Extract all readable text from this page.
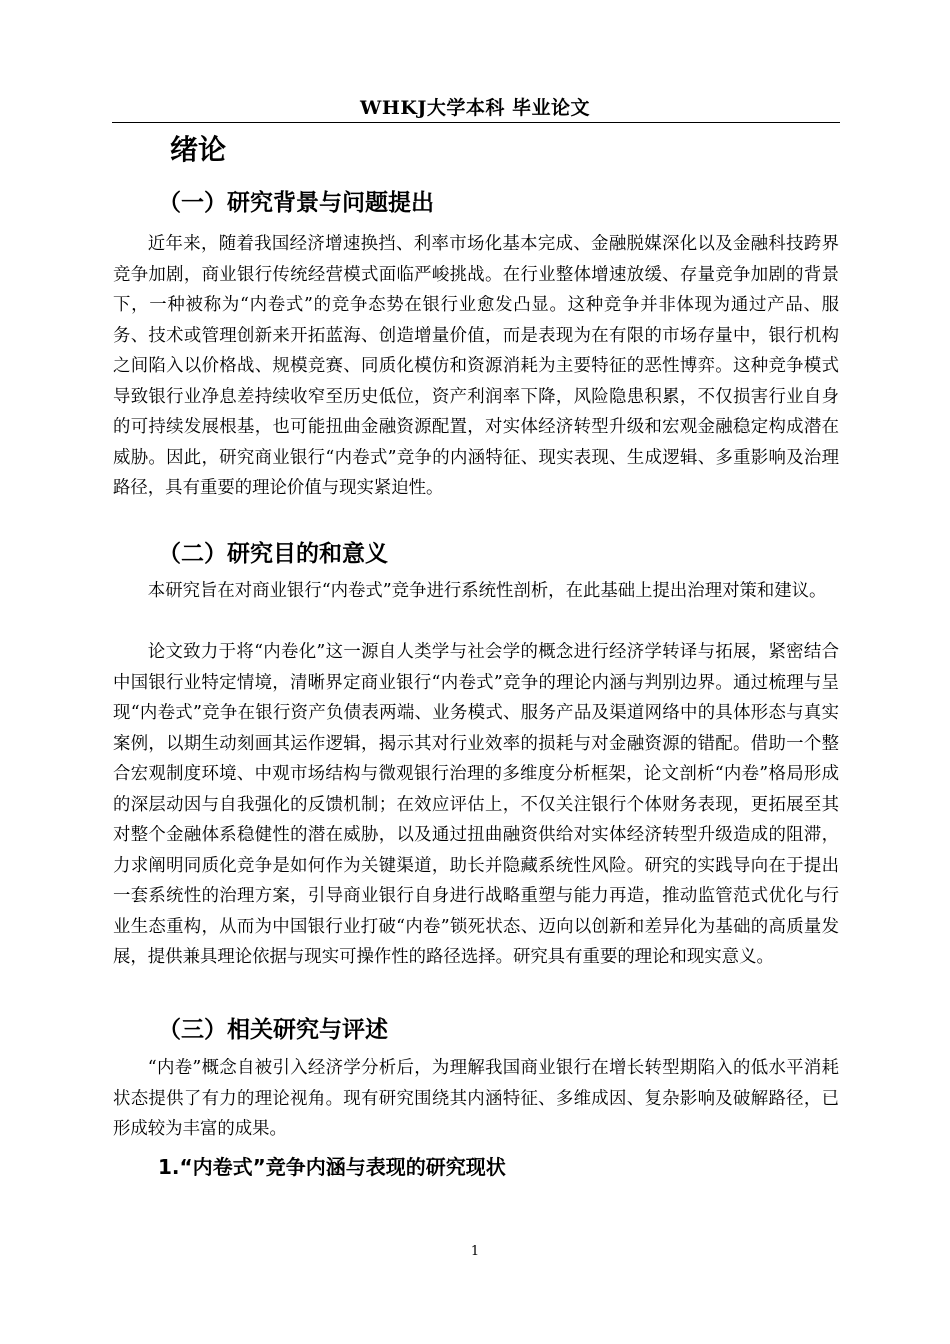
WHKJ大学本科 毕业论文
绪论
（一）研究背景与问题提出

近年来，随着我国经济增速换挡、利率市场化基本完成、金融脱媒深化以及金融科技跨界竞争加剧，商业银行传统经营模式面临严峻挑战。在行业整体增速放缓、存量竞争加剧的背景下，一种被称为“内卷式”的竞争态势在银行业愈发凸显。这种竞争并非体现为通过产品、服务、技术或管理创新来开拓蓝海、创造增量价值，而是表现为在有限的市场存量中，银行机构之间陷入以价格战、规模竞赛、同质化模仿和资源消耗为主要特征的恶性博弈。这种竞争模式导致银行业净息差持续收窄至历史低位，资产利润率下降，风险隐患积累，不仅损害行业自身的可持续发展根基，也可能扭曲金融资源配置，对实体经济转型升级和宏观金融稳定构成潜在威胁。因此，研究商业银行“内卷式”竞争的内涵特征、现实表现、生成逻辑、多重影响及治理路径，具有重要的理论价值与现实紧迫性。

（二）研究目的和意义

本研究旨在对商业银行“内卷式”竞争进行系统性剖析，在此基础上提出治理对策和建议。

论文致力于将“内卷化”这一源自人类学与社会学的概念进行经济学转译与拓展，紧密结合中国银行业特定情境，清晰界定商业银行“内卷式”竞争的理论内涵与判别边界。通过梳理与呈现“内卷式”竞争在银行资产负债表两端、业务模式、服务产品及渠道网络中的具体形态与真实案例，以期生动刻画其运作逻辑，揭示其对行业效率的损耗与对金融资源的错配。借助一个整合宏观制度环境、中观市场结构与微观银行治理的多维度分析框架，论文剖析“内卷”格局形成的深层动因与自我强化的反馈机制；在效应评估上，不仅关注银行个体财务表现，更拓展至其对整个金融体系稳健性的潜在威胁，以及通过扭曲融资供给对实体经济转型升级造成的阻滞，力求阐明同质化竞争是如何作为关键渠道，助长并隐藏系统性风险。研究的实践导向在于提出一套系统性的治理方案，引导商业银行自身进行战略重塑与能力再造，推动监管范式优化与行业生态重构，从而为中国银行业打破“内卷”锁死状态、迈向以创新和差异化为基础的高质量发展，提供兼具理论依据与现实可操作性的路径选择。研究具有重要的理论和现实意义。

（三）相关研究与评述

“内卷”概念自被引入经济学分析后，为理解我国商业银行在增长转型期陷入的低水平消耗状态提供了有力的理论视角。现有研究围绕其内涵特征、多维成因、复杂影响及破解路径，已形成较为丰富的成果。

1.“内卷式”竞争内涵与表现的研究现状
1
